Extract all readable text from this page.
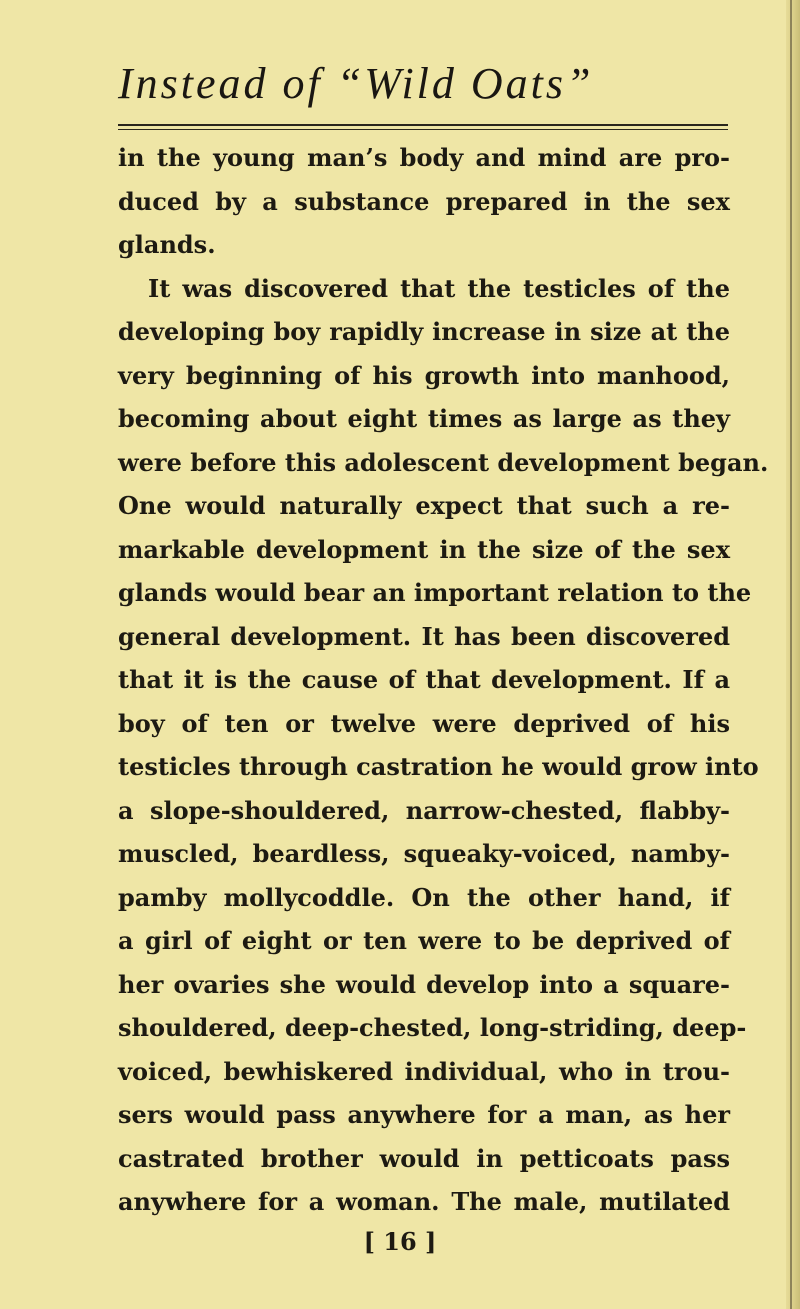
Instead of “Wild Oats”
in the young man’s body and mind are pro-
duced by a substance prepared in the sex
glands.
It was discovered that the testicles of the
developing boy rapidly increase in size at the
very beginning of his growth into manhood,
becoming about eight times as large as they
were before this adolescent development began.
One would naturally expect that such a re-
markable development in the size of the sex
glands would bear an important relation to the
general development. It has been discovered
that it is the cause of that development. If a
boy of ten or twelve were deprived of his
testicles through castration he would grow into
a slope-shouldered, narrow-chested, flabby-
muscled, beardless, squeaky-voiced, namby-
pamby mollycoddle. On the other hand, if
a girl of eight or ten were to be deprived of
her ovaries she would develop into a square-
shouldered, deep-chested, long-striding, deep-
voiced, bewhiskered individual, who in trou-
sers would pass anywhere for a man, as her
castrated brother would in petticoats pass
anywhere for a woman. The male, mutilated
[ 16 ]
